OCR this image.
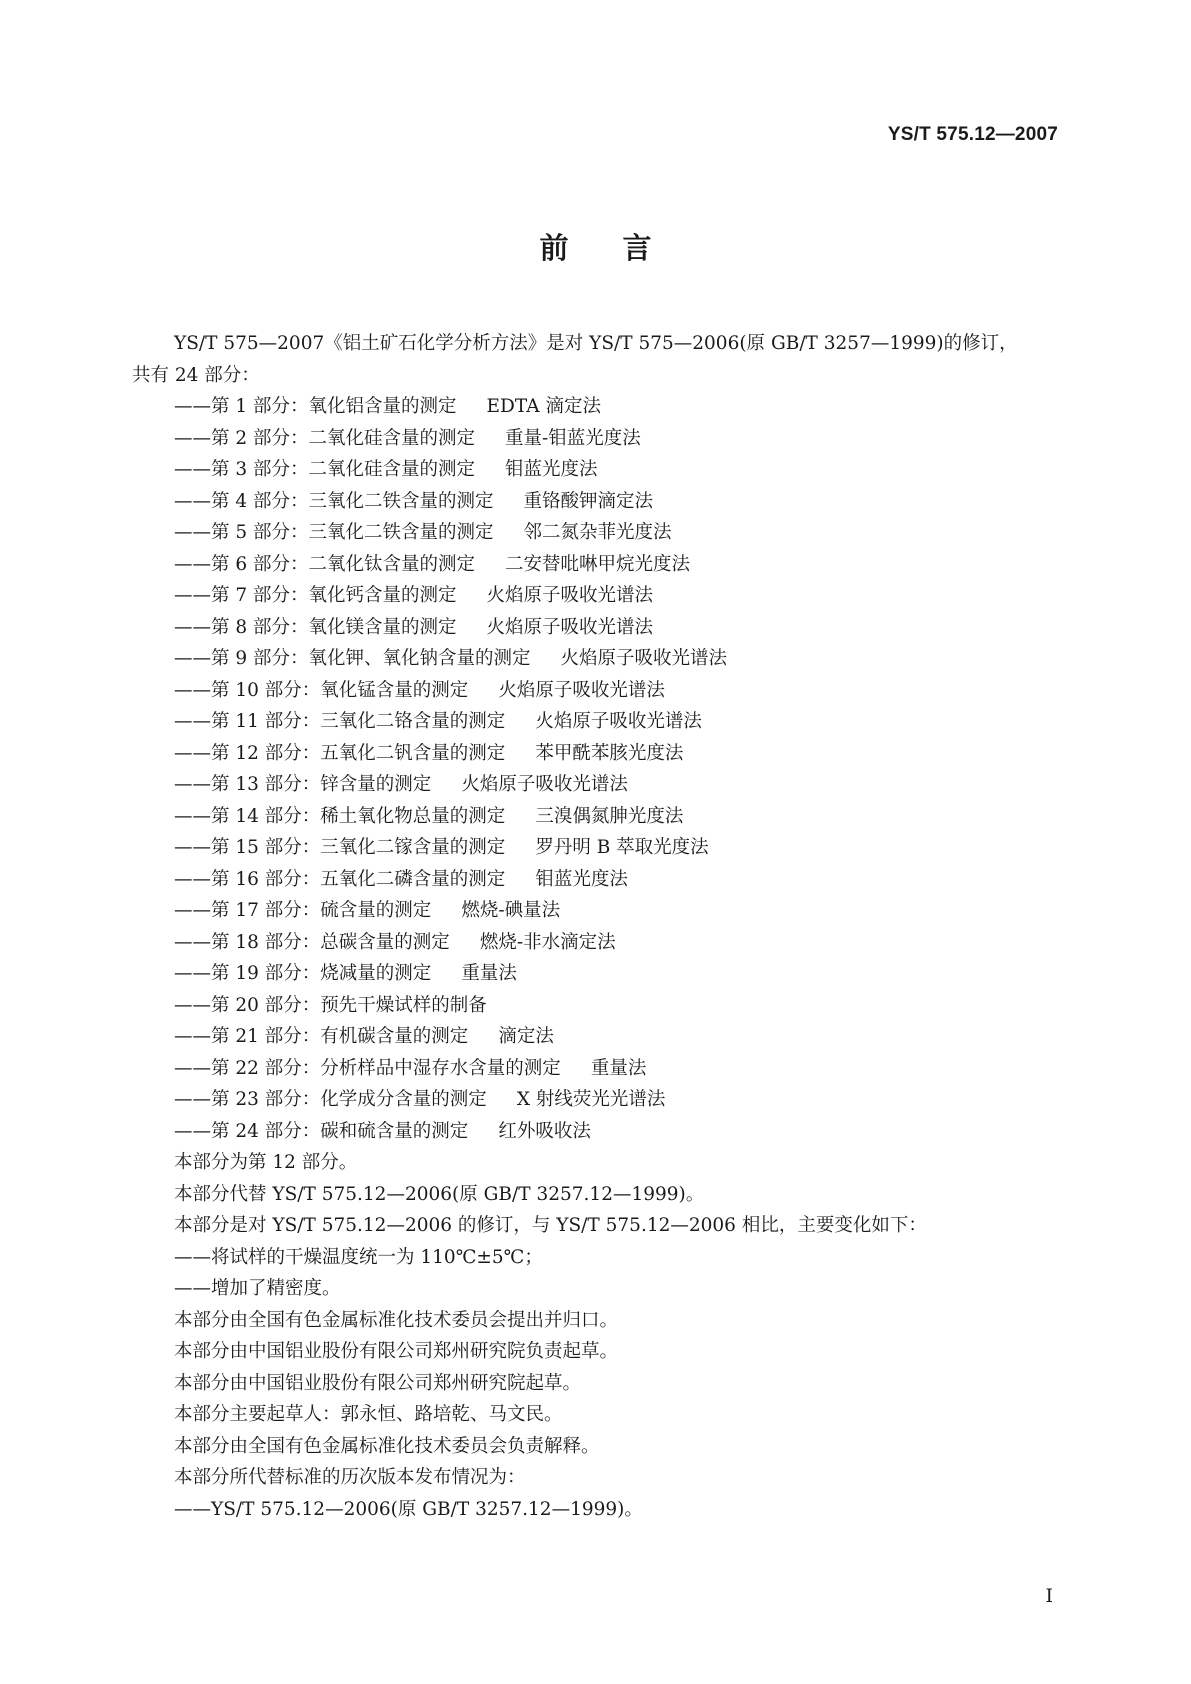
YS/T 575.12—2007
前言

YS/T 575—2007《铝土矿石化学分析方法》是对 YS/T 575—2006(原 GB/T 3257—1999)的修订，

共有 24 部分：

——第 1 部分：氧化铝含量的测定 EDTA 滴定法

——第 2 部分：二氧化硅含量的测定 重量-钼蓝光度法

——第 3 部分：二氧化硅含量的测定 钼蓝光度法

——第 4 部分：三氧化二铁含量的测定 重铬酸钾滴定法

——第 5 部分：三氧化二铁含量的测定 邻二氮杂菲光度法

——第 6 部分：二氧化钛含量的测定 二安替吡啉甲烷光度法

——第 7 部分：氧化钙含量的测定 火焰原子吸收光谱法

——第 8 部分：氧化镁含量的测定 火焰原子吸收光谱法

——第 9 部分：氧化钾、氧化钠含量的测定 火焰原子吸收光谱法

——第 10 部分：氧化锰含量的测定 火焰原子吸收光谱法

——第 11 部分：三氧化二铬含量的测定 火焰原子吸收光谱法

——第 12 部分：五氧化二钒含量的测定 苯甲酰苯胲光度法

——第 13 部分：锌含量的测定 火焰原子吸收光谱法

——第 14 部分：稀土氧化物总量的测定 三溴偶氮胂光度法

——第 15 部分：三氧化二镓含量的测定 罗丹明 B 萃取光度法

——第 16 部分：五氧化二磷含量的测定 钼蓝光度法

——第 17 部分：硫含量的测定 燃烧-碘量法

——第 18 部分：总碳含量的测定 燃烧-非水滴定法

——第 19 部分：烧减量的测定 重量法

——第 20 部分：预先干燥试样的制备

——第 21 部分：有机碳含量的测定 滴定法

——第 22 部分：分析样品中湿存水含量的测定 重量法

——第 23 部分：化学成分含量的测定 X 射线荧光光谱法

——第 24 部分：碳和硫含量的测定 红外吸收法

本部分为第 12 部分。

本部分代替 YS/T 575.12—2006(原 GB/T 3257.12—1999)。

本部分是对 YS/T 575.12—2006 的修订，与 YS/T 575.12—2006 相比，主要变化如下：

——将试样的干燥温度统一为 110℃±5℃；

——增加了精密度。

本部分由全国有色金属标准化技术委员会提出并归口。

本部分由中国铝业股份有限公司郑州研究院负责起草。

本部分由中国铝业股份有限公司郑州研究院起草。

本部分主要起草人：郭永恒、路培乾、马文民。

本部分由全国有色金属标准化技术委员会负责解释。

本部分所代替标准的历次版本发布情况为：

——YS/T 575.12—2006(原 GB/T 3257.12—1999)。

I
